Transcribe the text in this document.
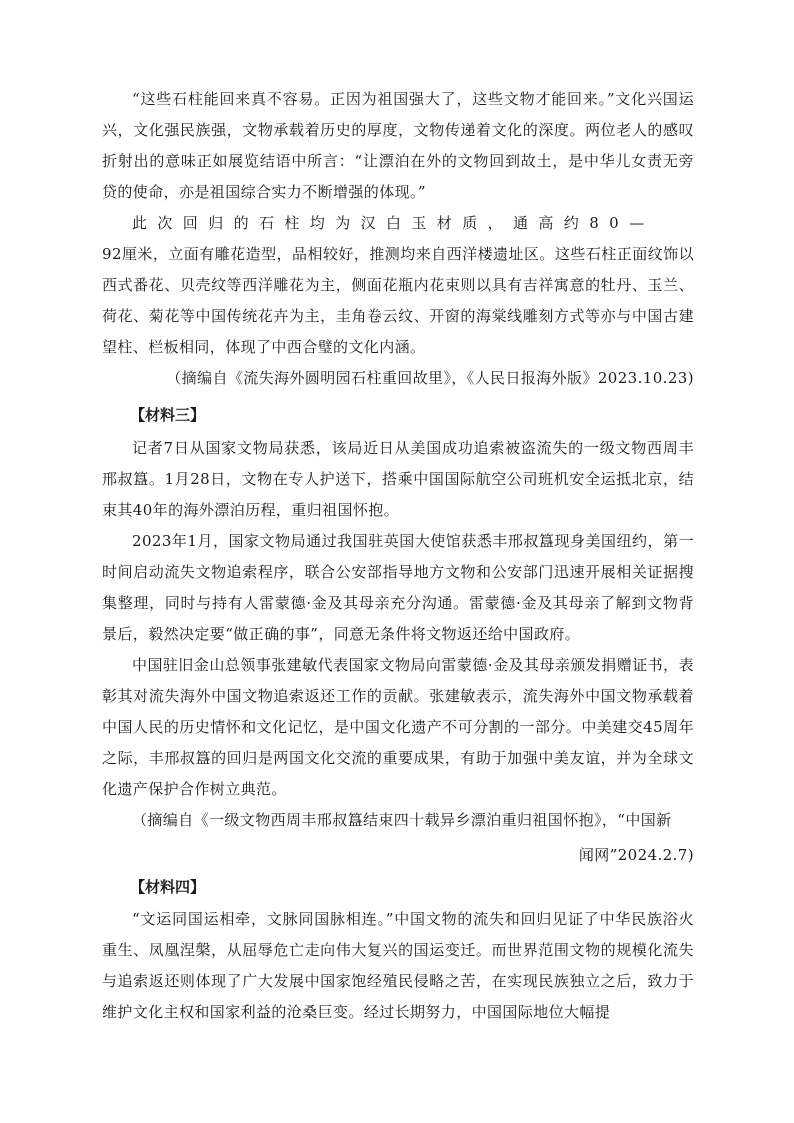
“这些石柱能回来真不容易。正因为祖国强大了，这些文物才能回来。”文化兴国运兴，文化强民族强，文物承载着历史的厚度，文物传递着文化的深度。两位老人的感叹折射出的意味正如展览结语中所言：“让漂泊在外的文物回到故土，是中华儿女责无旁贷的使命，亦是祖国综合实力不断增强的体现。”

此次回归的石柱均为汉白玉材质，通高约80—

92厘米，立面有雕花造型，品相较好，推测均来自西洋楼遗址区。这些石柱正面纹饰以西式番花、贝壳纹等西洋雕花为主，侧面花瓶内花束则以具有吉祥寓意的牡丹、玉兰、荷花、菊花等中国传统花卉为主，圭角卷云纹、开窗的海棠线雕刻方式等亦与中国古建望柱、栏板相同，体现了中西合璧的文化内涵。

（摘编自《流失海外圆明园石柱重回故里》，《人民日报海外版》2023.10.23)

【材料三】

记者7日从国家文物局获悉，该局近日从美国成功追索被盗流失的一级文物西周丰邢叔簋。1月28日，文物在专人护送下，搭乘中国国际航空公司班机安全运抵北京，结束其40年的海外漂泊历程，重归祖国怀抱。

2023年1月，国家文物局通过我国驻英国大使馆获悉丰邢叔簋现身美国纽约，第一时间启动流失文物追索程序，联合公安部指导地方文物和公安部门迅速开展相关证据搜集整理，同时与持有人雷蒙德·金及其母亲充分沟通。雷蒙德·金及其母亲了解到文物背景后，毅然决定要“做正确的事”，同意无条件将文物返还给中国政府。

中国驻旧金山总领事张建敏代表国家文物局向雷蒙德·金及其母亲颁发捐赠证书，表彰其对流失海外中国文物追索返还工作的贡献。张建敏表示，流失海外中国文物承载着中国人民的历史情怀和文化记忆，是中国文化遗产不可分割的一部分。中美建交45周年之际，丰邢叔簋的回归是两国文化交流的重要成果，有助于加强中美友谊，并为全球文化遗产保护合作树立典范。

（摘编自《一级文物西周丰邢叔簋结束四十载异乡漂泊重归祖国怀抱》，“中国新

闻网”2024.2.7)

【材料四】

“文运同国运相牵，文脉同国脉相连。”中国文物的流失和回归见证了中华民族浴火重生、凤凰涅槃，从屈辱危亡走向伟大复兴的国运变迁。而世界范围文物的规模化流失与追索返还则体现了广大发展中国家饱经殖民侵略之苦，在实现民族独立之后，致力于维护文化主权和国家利益的沧桑巨变。经过长期努力，中国国际地位大幅提
